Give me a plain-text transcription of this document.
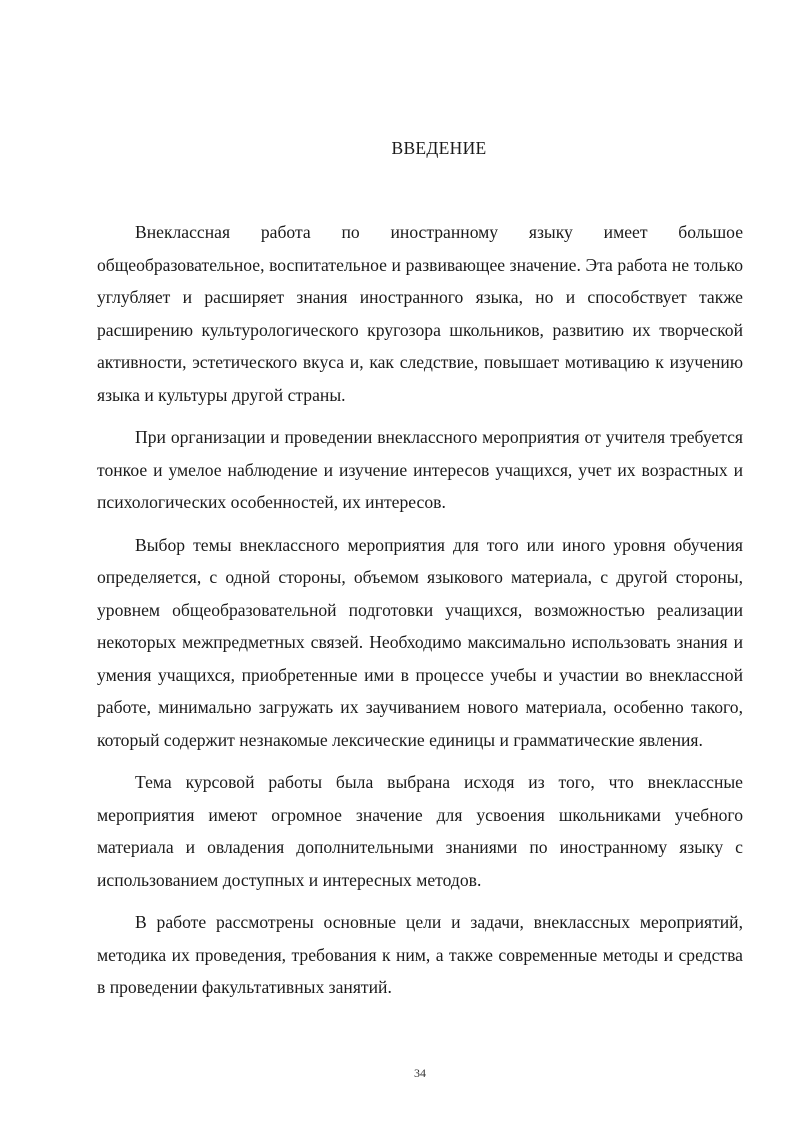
ВВЕДЕНИЕ

Внеклассная работа по иностранному языку имеет большое общеобразовательное, воспитательное и развивающее значение. Эта работа не только углубляет и расширяет знания иностранного языка, но и способствует также расширению культурологического кругозора школьников, развитию их творческой активности, эстетического вкуса и, как следствие, повышает мотивацию к изучению языка и культуры другой страны.

При организации и проведении внеклассного мероприятия от учителя требуется тонкое и умелое наблюдение и изучение интересов учащихся, учет их возрастных и психологических особенностей, их интересов.

Выбор темы внеклассного мероприятия для того или иного уровня обучения определяется, с одной стороны, объемом языкового материала, с другой стороны, уровнем общеобразовательной подготовки учащихся, возможностью реализации некоторых межпредметных связей. Необходимо максимально использовать знания и умения учащихся, приобретенные ими в процессе учебы и участии во внеклассной работе, минимально загружать их заучиванием нового материала, особенно такого, который содержит незнакомые лексические единицы и грамматические явления.

Тема курсовой работы была выбрана исходя из того, что внеклассные мероприятия имеют огромное значение для усвоения школьниками учебного материала и овладения дополнительными знаниями по иностранному языку с использованием доступных и интересных методов.

В работе рассмотрены основные цели и задачи, внеклассных мероприятий, методика их проведения, требования к ним, а также современные методы и средства в проведении факультативных занятий.

34
